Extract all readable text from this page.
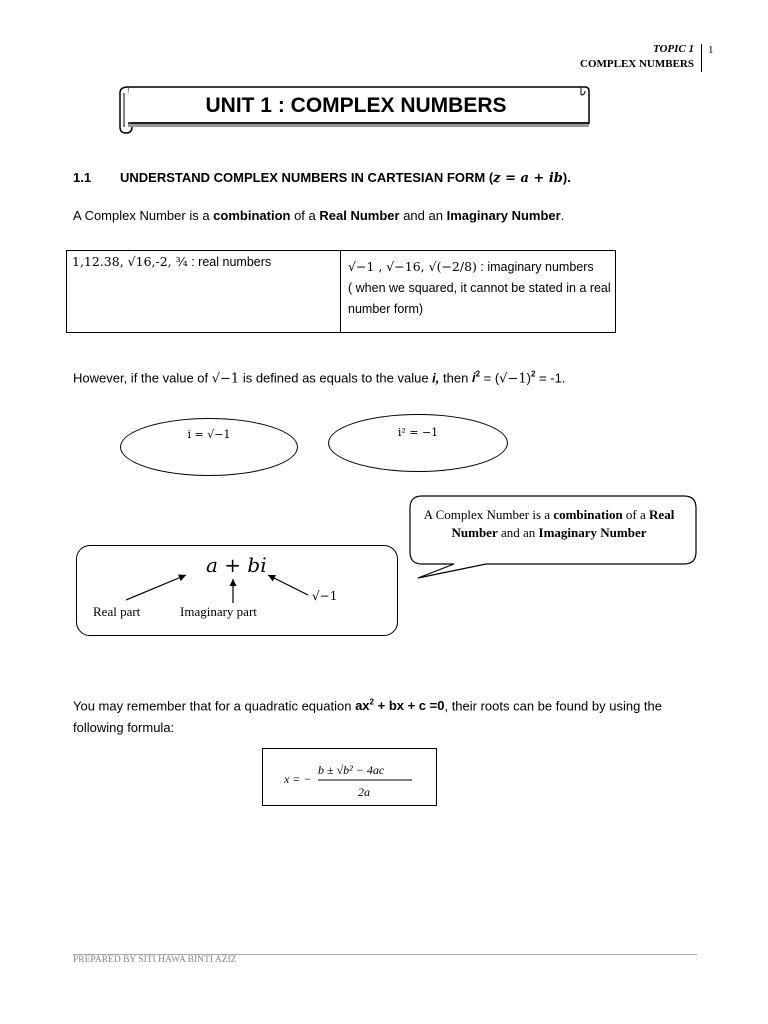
TOPIC 1
COMPLEX NUMBERS
1
UNIT 1 : COMPLEX NUMBERS
1.1 UNDERSTAND COMPLEX NUMBERS IN CARTESIAN FORM (z = a + ib).
A Complex Number is a combination of a Real Number and an Imaginary Number.
1,12.38, √16,-2, ¾ : real numbers	√−1 , √−16, √(−2/8) : imaginary numbers
( when we squared, it cannot be stated in a real number form)
However, if the value of √−1 is defined as equals to the value i, then $i^2 = (√-1)^2 = -1$.
i = √−1	i² = −1
A Complex Number is a combination of a Real Number and an Imaginary Number
a + bi
Real part	Imaginary part
√−1
You may remember that for a quadratic equation $ax^2$ + bx + c =0, their roots can be found by using the following formula:
x = −
b ± √b² − 4ac
2a
PREPARED BY SITI HAWA BINTI AZIZ
